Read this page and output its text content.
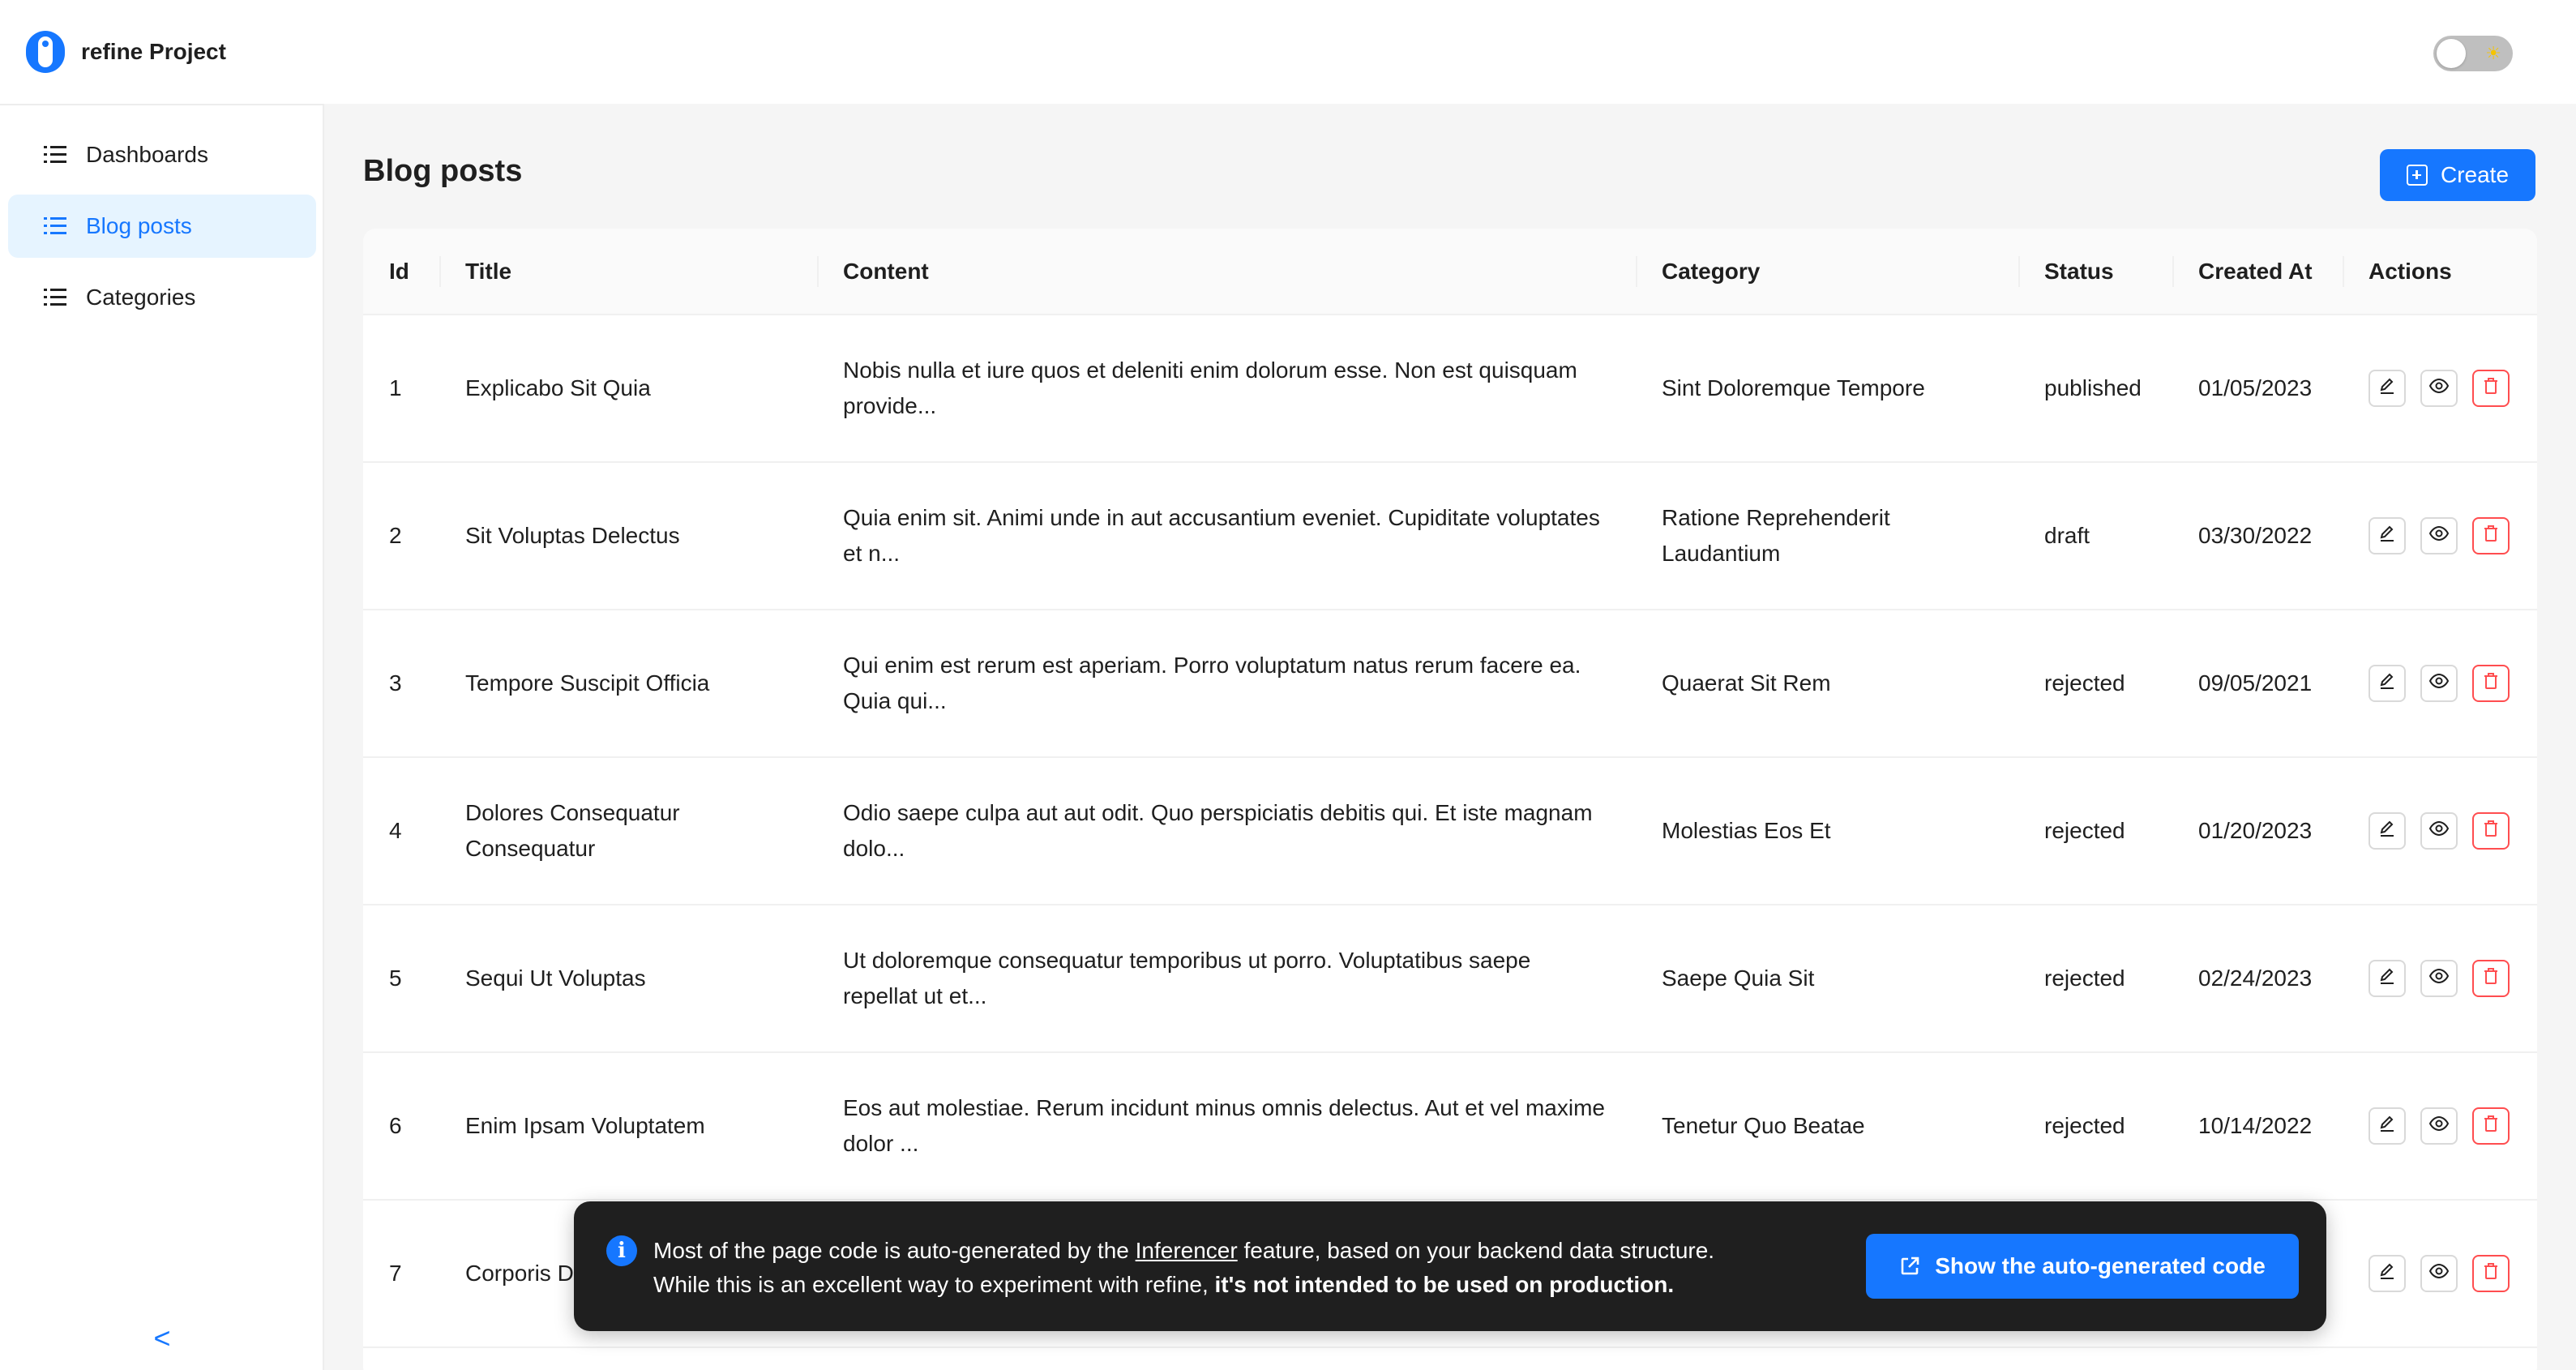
refine Project	☀
Dashboards
Blog posts
Categories
<
Blog posts	Create
Id	Title	Content	Category	Status	Created At	Actions
1	Explicabo Sit Quia	Nobis nulla et iure quos et deleniti enim dolorum esse. Non est quisquam provide...	Sint Doloremque Tempore	published	01/05/2023	

2	Sit Voluptas Delectus	Quia enim sit. Animi unde in aut accusantium eveniet. Cupiditate voluptates et n...	Ratione Reprehenderit Laudantium	draft	03/30/2022	

3	Tempore Suscipit Officia	Qui enim est rerum est aperiam. Porro voluptatum natus rerum facere ea. Quia qui...	Quaerat Sit Rem	rejected	09/05/2021	

4	Dolores Consequatur Consequatur	Odio saepe culpa aut aut odit. Quo perspiciatis debitis qui. Et iste magnam dolo...	Molestias Eos Et	rejected	01/20/2023	

5	Sequi Ut Voluptas	Ut doloremque consequatur temporibus ut porro. Voluptatibus saepe repellat ut et...	Saepe Quia Sit	rejected	02/24/2023	

6	Enim Ipsam Voluptatem	Eos aut molestiae. Rerum incidunt minus omnis delectus. Aut et vel maxime dolor ...	Tenetur Quo Beatae	rejected	10/14/2022	

7	Corporis D					
i	Most of the page code is auto-generated by the Inferencer feature, based on your backend data structure.
While this is an excellent way to experiment with refine, it's not intended to be used on production.
Show the auto-generated code
